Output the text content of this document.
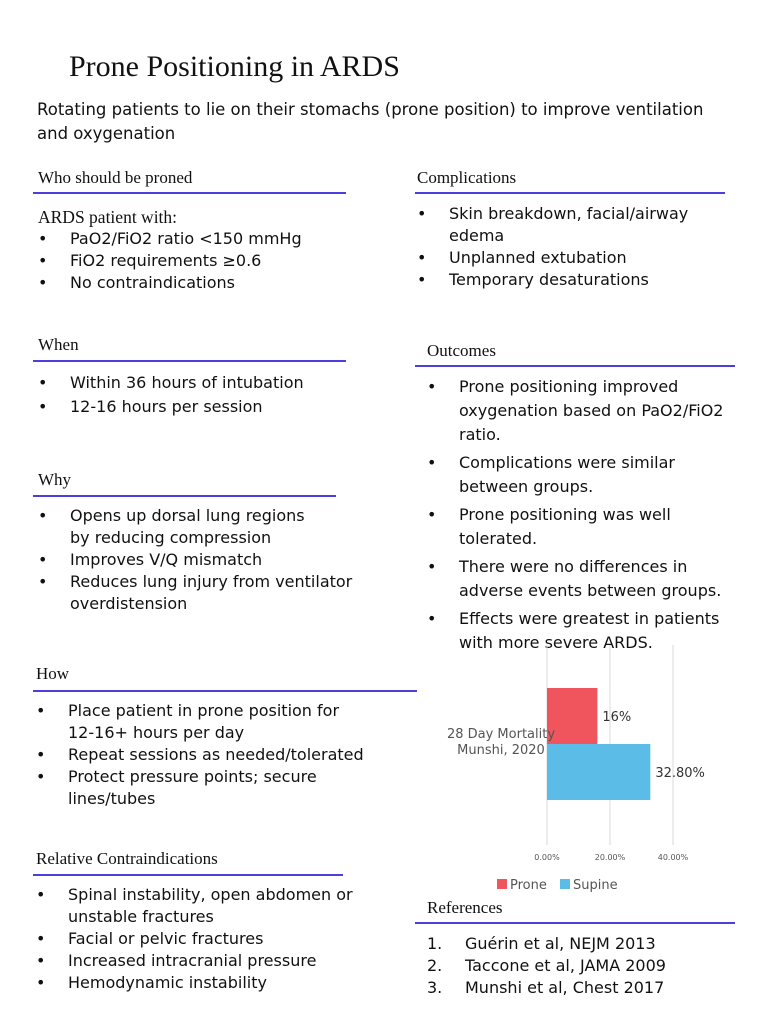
Prone Positioning in ARDS

Rotating patients to lie on their stomachs (prone position) to improve ventilation and oxygenation

Who should be proned
ARDS patient with:
• PaO2/FiO2 ratio <150 mmHg
• FiO2 requirements ≥0.6
• No contraindications
When
• Within 36 hours of intubation
• 12-16 hours per session
Why
• Opens up dorsal lung regions by reducing compression
• Improves V/Q mismatch
• Reduces lung injury from ventilator overdistension
How
• Place patient in prone position for 12-16+ hours per day
• Repeat sessions as needed/tolerated
• Protect pressure points; secure lines/tubes
Relative Contraindications
• Spinal instability, open abdomen or unstable fractures
• Facial or pelvic fractures
• Increased intracranial pressure
• Hemodynamic instability
Complications
• Skin breakdown, facial/airway edema
• Unplanned extubation
• Temporary desaturations
Outcomes
• Prone positioning improved oxygenation based on PaO2/FiO2 ratio.
• Complications were similar between groups.
• Prone positioning was well tolerated.
• There were no differences in adverse events between groups.
• Effects were greatest in patients with more severe ARDS.
28 Day Mortality
Munshi, 2020
16%
32.80%
0.00%	20.00%	40.00%
Prone Supine
References
1. Guérin et al, NEJM 2013
2. Taccone et al, JAMA 2009
3. Munshi et al, Chest 2017
